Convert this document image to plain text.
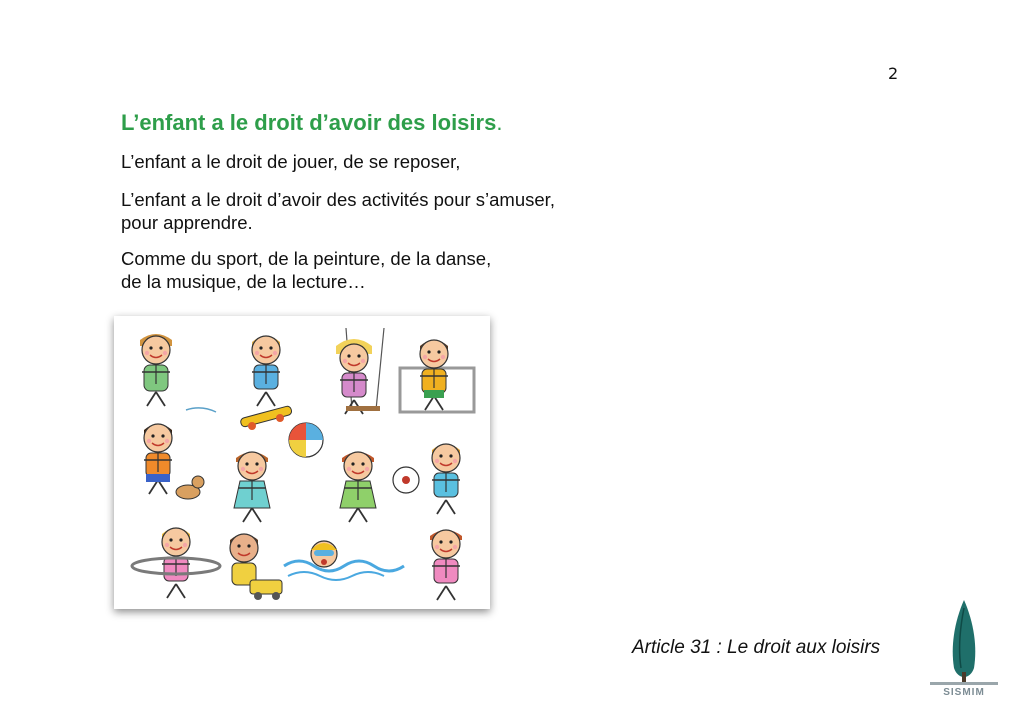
2
L’enfant a le droit d’avoir des loisirs.

L’enfant a le droit de jouer, de se reposer,

L’enfant a le droit d’avoir des activités pour s’amuser,
pour apprendre.

Comme du sport, de la peinture, de la danse,
de la musique, de la lecture…

Article 31 : Le droit aux loisirs
SISMIM
